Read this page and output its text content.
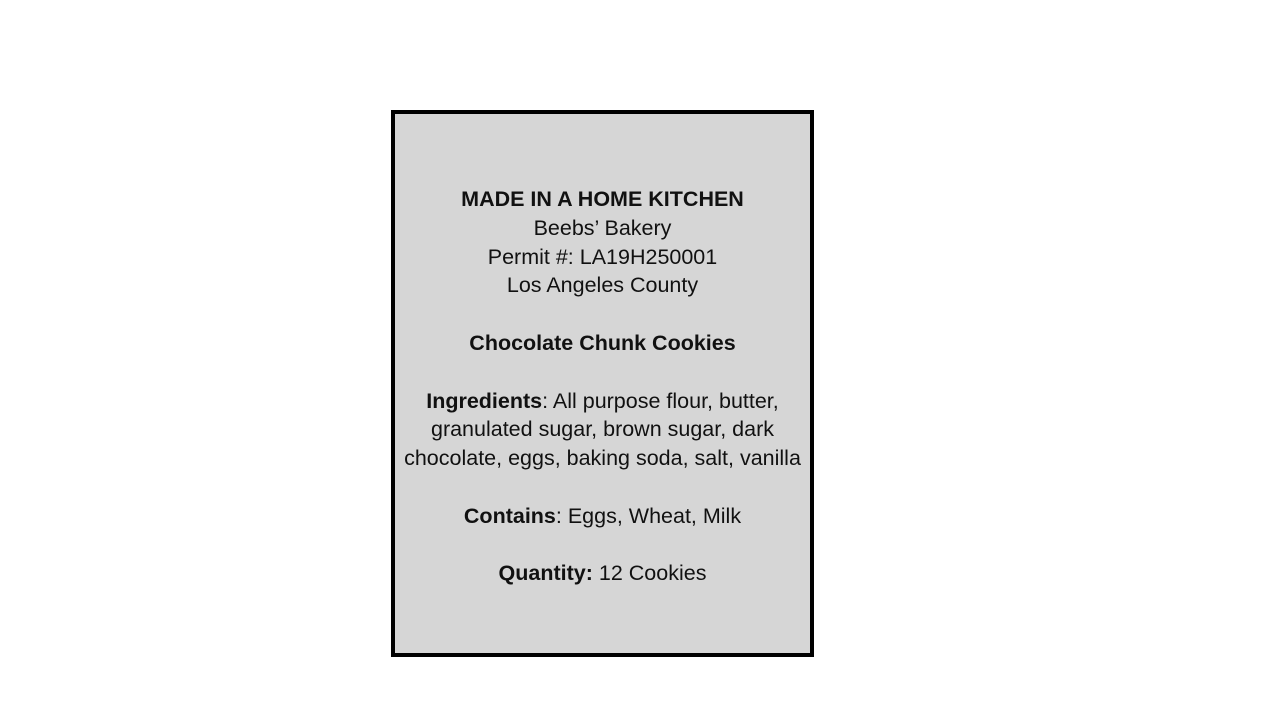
MADE IN A HOME KITCHEN
Beebs’ Bakery
Permit #: LA19H250001
Los Angeles County
Chocolate Chunk Cookies
Ingredients: All purpose flour, butter,
granulated sugar, brown sugar, dark
chocolate, eggs, baking soda, salt, vanilla
Contains: Eggs, Wheat, Milk
Quantity: 12 Cookies
